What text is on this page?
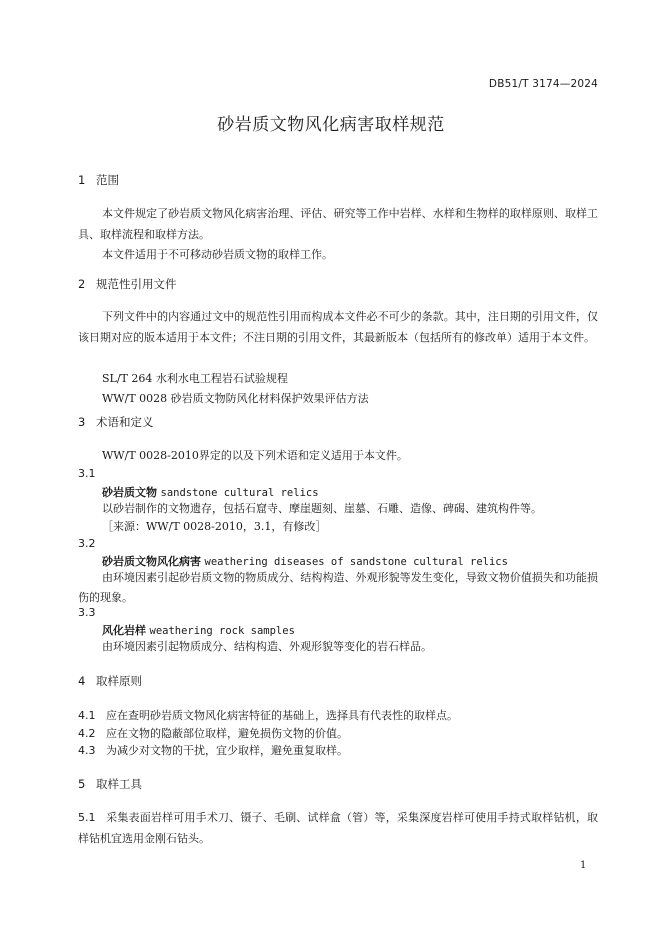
DB51/T 3174—2024
砂岩质文物风化病害取样规范
1 范围
本文件规定了砂岩质文物风化病害治理、评估、研究等工作中岩样、水样和生物样的取样原则、取样工具、取样流程和取样方法。
本文件适用于不可移动砂岩质文物的取样工作。
2 规范性引用文件
下列文件中的内容通过文中的规范性引用而构成本文件必不可少的条款。其中，注日期的引用文件，仅该日期对应的版本适用于本文件；不注日期的引用文件，其最新版本（包括所有的修改单）适用于本文件。
SL/T 264 水利水电工程岩石试验规程
WW/T 0028 砂岩质文物防风化材料保护效果评估方法
3 术语和定义
WW/T 0028-2010界定的以及下列术语和定义适用于本文件。
3.1
砂岩质文物 sandstone cultural relics
以砂岩制作的文物遗存，包括石窟寺、摩崖题刻、崖墓、石雕、造像、碑碣、建筑构件等。
［来源：WW/T 0028-2010，3.1，有修改］
3.2
砂岩质文物风化病害 weathering diseases of sandstone cultural relics
由环境因素引起砂岩质文物的物质成分、结构构造、外观形貌等发生变化，导致文物价值损失和功能损伤的现象。
3.3
风化岩样 weathering rock samples
由环境因素引起物质成分、结构构造、外观形貌等变化的岩石样品。
4 取样原则
4.1 应在查明砂岩质文物风化病害特征的基础上，选择具有代表性的取样点。
4.2 应在文物的隐蔽部位取样，避免损伤文物的价值。
4.3 为减少对文物的干扰，宜少取样，避免重复取样。
5 取样工具
5.1 采集表面岩样可用手术刀、镊子、毛刷、试样盒（管）等，采集深度岩样可使用手持式取样钻机，取样钻机宜选用金刚石钻头。
1
